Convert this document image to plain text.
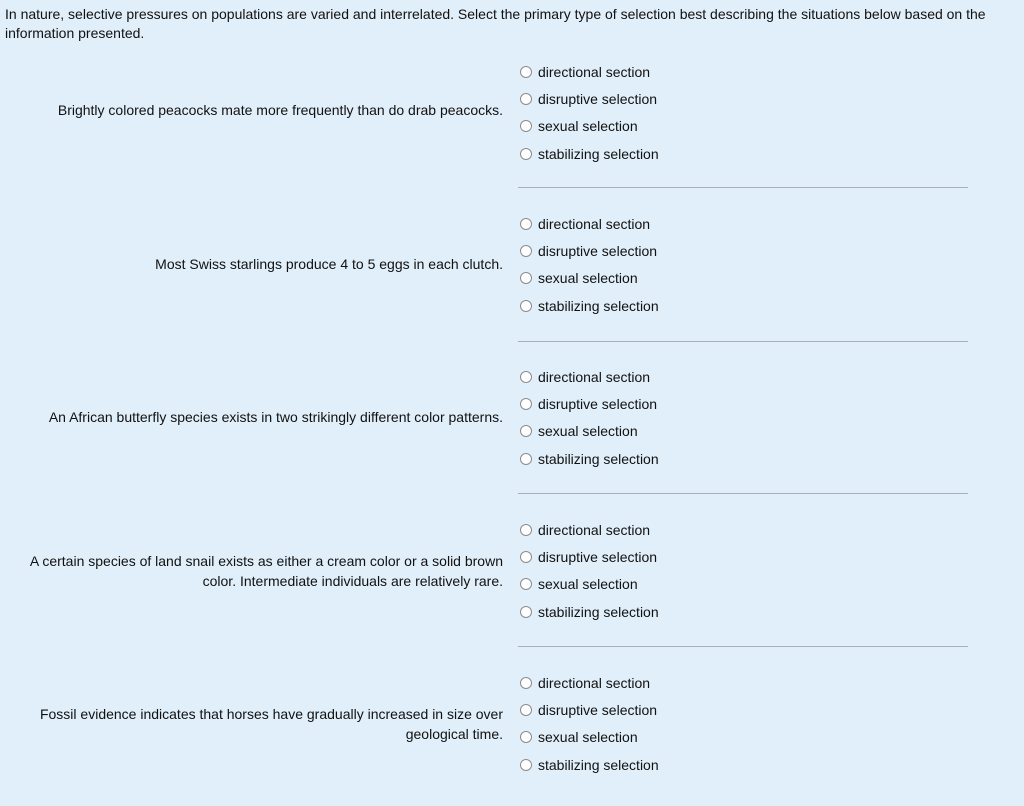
In nature, selective pressures on populations are varied and interrelated. Select the primary type of selection best describing the situations below based on the information presented.

Brightly colored peacocks mate more frequently than do drab peacocks.

directional section
disruptive selection
sexual selection
stabilizing selection

Most Swiss starlings produce 4 to 5 eggs in each clutch.

directional section
disruptive selection
sexual selection
stabilizing selection

An African butterfly species exists in two strikingly different color patterns.

directional section
disruptive selection
sexual selection
stabilizing selection

A certain species of land snail exists as either a cream color or a solid brown color. Intermediate individuals are relatively rare.

directional section
disruptive selection
sexual selection
stabilizing selection

Fossil evidence indicates that horses have gradually increased in size over geological time.

directional section
disruptive selection
sexual selection
stabilizing selection
